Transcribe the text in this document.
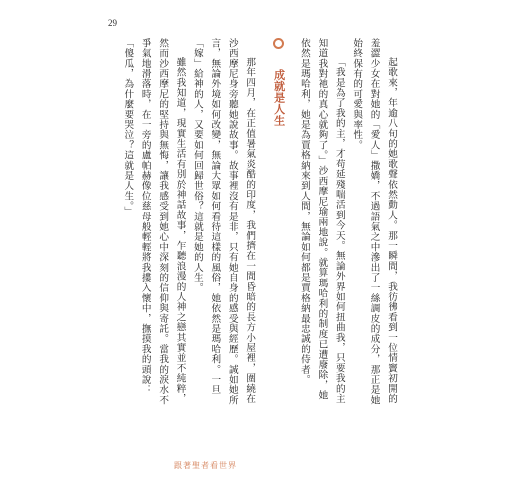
29

起歌來，年逾八旬的她歌聲依然動人。那一瞬間，我彷彿看到一位情竇初開的羞澀少女在對她的「愛人」撒嬌，不過語氣之中滲出了一絲調皮的成分，那正是她始終保有的可愛與率性。

「我是為了我的主，才苟延殘喘活到今天。無論外界如何扭曲我，只要我的主知道我對祂的真心就夠了。」沙西摩尼瑜兩地說。就算瑪哈利的制度已遭廢除，她依然是瑪哈利，她是為賈格納來到人間，無論如何都是賈格納最忠誠的侍者。

成就是人生

那年四月，在正值暑氣炎酷的印度，我們擠在一間昏暗的長方小屋裡，圍繞在沙西摩尼身旁聽她說故事。故事裡沒有是非，只有她自身的感受與經歷。誠如她所言，無論外境如何改變，無論大眾如何看待這樣的風俗，她依然是瑪哈利。一旦「嫁」給神的人，又要如何回歸世俗？這就是她的人生。

雖然我知道，現實生活有別於神話故事，乍聽浪漫的人神之戀其實並不純粹，然而沙西摩尼的堅持與無悔，讓我感受到她心中深刻的信仰與寄託。當我的淚水不爭氣地滑落時，在一旁的盧帕赫像位慈母般輕輕將我摟入懷中，撫摸我的頭說：「傻瓜，為什麼要哭泣？這就是人生。」

跟著聖者看世界
